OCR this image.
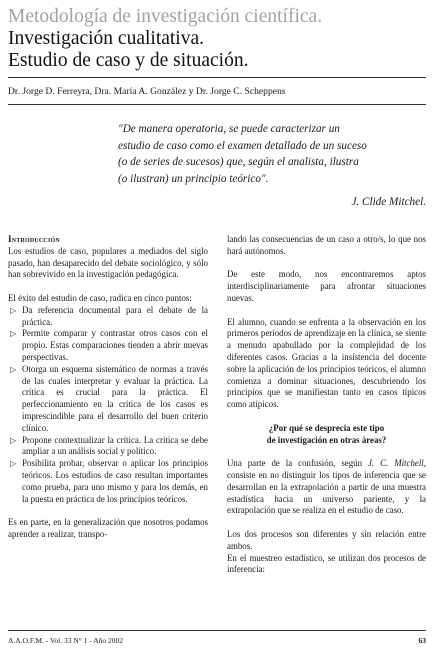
Metodología de investigación científica.
Investigación cualitativa.
Estudio de caso y de situación.
Dr. Jorge D. Ferreyra, Dra. María A. González y Dr. Jorge C. Scheppens
"De manera operatoria, se puede caracterizar un
estudio de caso como el examen detallado de un suceso
(o de series de sucesos) que, según el analista, ilustra
(o ilustran) un principio teórico".
J. Clide Mitchel.
Introducción

Los estudios de caso, populares a mediados del siglo pasado, han desaparecido del debate sociológico, y sólo han sobrevivido en la investigación pedagógica.

El éxito del estudio de caso, radica en cinco puntos:

▷ Da referencia documental para el debate de la práctica.
▷ Permite comparar y contrastar otros casos con el propio. Estas comparaciones tienden a abrir nuevas perspectivas.
▷ Otorga un esquema sistemático de normas a través de las cuales interpretar y evaluar la práctica. La crítica es crucial para la práctica. El perfeccionamiento en la crítica de los casos es imprescindible para el desarrollo del buen criterio clínico.
▷ Propone contextualizar la crítica. La crítica se debe ampliar a un análisis social y político.
▷ Posibilita probar, observar o aplicar los principios teóricos. Los estudios de caso resultan importantes como prueba, para uno mismo y para los demás, en la puesta en práctica de los principios teóricos.

Es en parte, en la generalización que nosotros podamos aprender a realizar, transpo-

lando las consecuencias de un caso a otro/s, lo que nos hará autónomos.

De este modo, nos encontraremos aptos interdisciplinariamente para afrontar situaciones nuevas.

El alumno, cuando se enfrenta a la observación en los primeros períodos de aprendizaje en la clínica, se siente a menudo apabullado por la complejidad de los diferentes casos. Gracias a la insistencia del docente sobre la aplicación de los principios teóricos, el alumno comienza a dominar situaciones, descubriendo los principios que se manifiestan tanto en casos típicos como atípicos.

¿Por qué se desprecia este tipo
de investigación en otras áreas?

Una parte de la confusión, según J. C. Mitchell, consiste en no distinguir los tipos de inferencia que se desarrollan en la extrapolación a partir de una muestra estadística hacia un universo pariente, y la extrapolación que se realiza en el estudio de caso.

Los dos procesos son diferentes y sin relación entre ambos.

En el muestreo estadístico, se utilizan dos procesos de inferencia:

A.A.O.F.M. - Vol. 33 N° 1 - Año 2002	63
